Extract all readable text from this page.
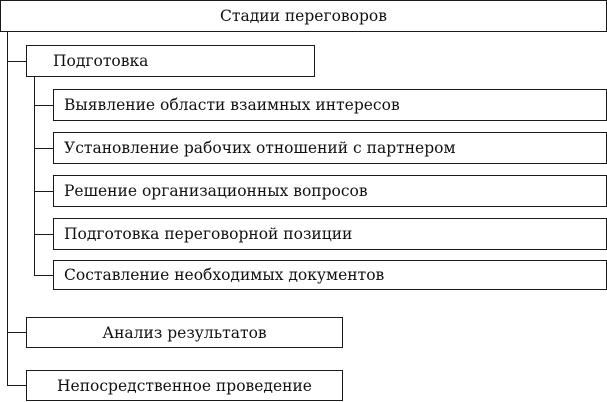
Стадии переговоров
Подготовка
Выявление области взаимных интересов
Установление рабочих отношений с партнером
Решение организационных вопросов
Подготовка переговорной позиции
Составление необходимых документов
Анализ результатов
Непосредственное проведение
